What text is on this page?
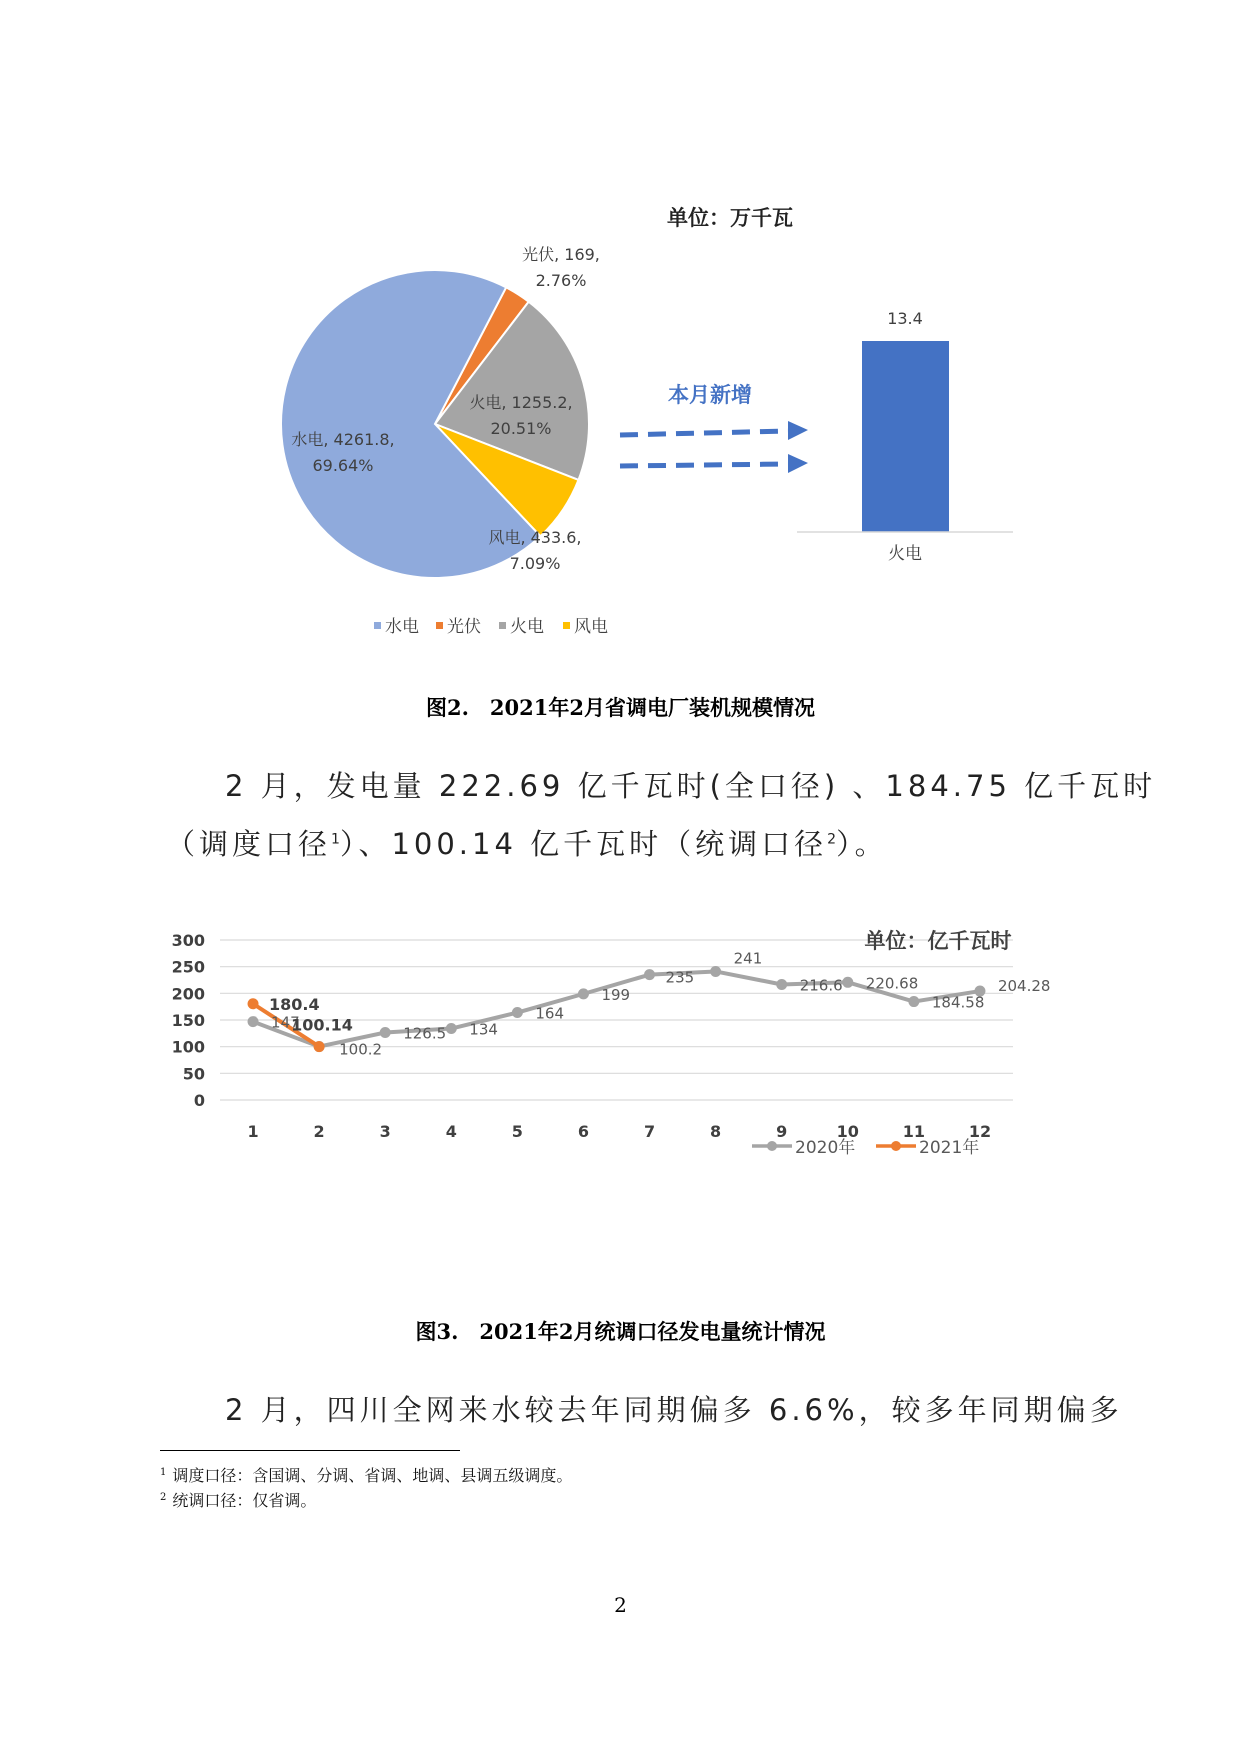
水电, 4261.8,
69.64%
光伏, 169,
2.76%
火电, 1255.2,
20.51%
风电, 433.6,
7.09%
单位：万千瓦
本月新增
13.4
火电
水电 光伏 火电 风电
图2.　2021年2月省调电厂装机规模情况
2 月，发电量 222.69 亿千瓦时(全口径) 、184.75 亿千瓦时
（调度口径$^1$）、100.14 亿千瓦时（统调口径$^2$）。
0
50
100
150
200
250
300
1	2	3	4	5	6	7	8	9	10	11	12
147
100.2
126.5 134
164
199
235
241
216.6 220.68
184.58
204.28
180.4
100.14
单位：亿千瓦时
2020年	2021年
图3.　2021年2月统调口径发电量统计情况
2 月，四川全网来水较去年同期偏多 6.6%，较多年同期偏多
$^1$ 调度口径：含国调、分调、省调、地调、县调五级调度。
$^2$ 统调口径：仅省调。
2
